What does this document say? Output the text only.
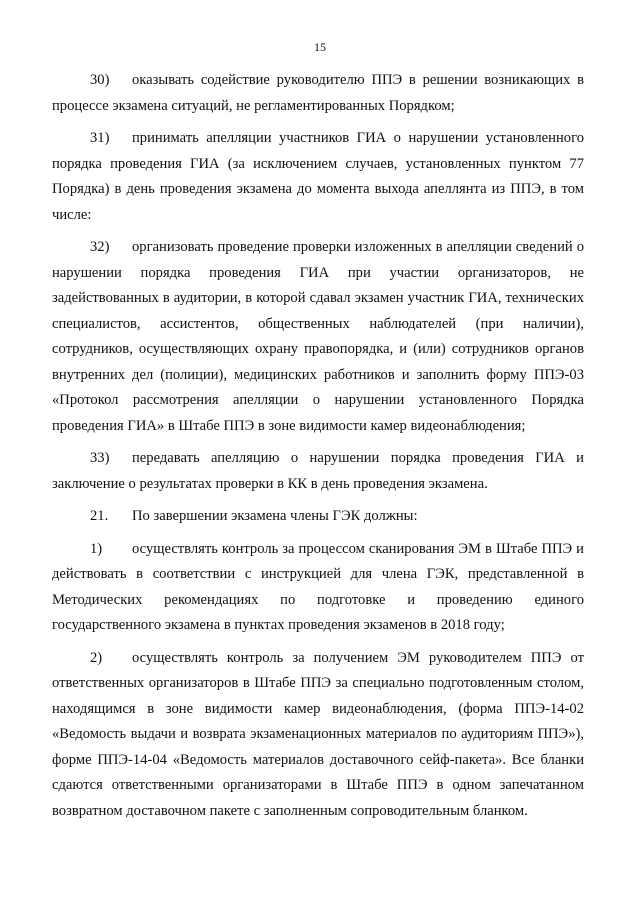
15

30) оказывать содействие руководителю ППЭ в решении возникающих в процессе экзамена ситуаций, не регламентированных Порядком;

31) принимать апелляции участников ГИА о нарушении установленного порядка проведения ГИА (за исключением случаев, установленных пунктом 77 Порядка) в день проведения экзамена до момента выхода апеллянта из ППЭ, в том числе:

32) организовать проведение проверки изложенных в апелляции сведений о нарушении порядка проведения ГИА при участии организаторов, не задействованных в аудитории, в которой сдавал экзамен участник ГИА, технических специалистов, ассистентов, общественных наблюдателей (при наличии), сотрудников, осуществляющих охрану правопорядка, и (или) сотрудников органов внутренних дел (полиции), медицинских работников и заполнить форму ППЭ-03 «Протокол рассмотрения апелляции о нарушении установленного Порядка проведения ГИА» в Штабе ППЭ в зоне видимости камер видеонаблюдения;

33) передавать апелляцию о нарушении порядка проведения ГИА и заключение о результатах проверки в КК в день проведения экзамена.

21. По завершении экзамена члены ГЭК должны:

1) осуществлять контроль за процессом сканирования ЭМ в Штабе ППЭ и действовать в соответствии с инструкцией для члена ГЭК, представленной в Методических рекомендациях по подготовке и проведению единого государственного экзамена в пунктах проведения экзаменов в 2018 году;

2) осуществлять контроль за получением ЭМ руководителем ППЭ от ответственных организаторов в Штабе ППЭ за специально подготовленным столом, находящимся в зоне видимости камер видеонаблюдения, (форма ППЭ-14-02 «Ведомость выдачи и возврата экзаменационных материалов по аудиториям ППЭ»), форме ППЭ-14-04 «Ведомость материалов доставочного сейф-пакета». Все бланки сдаются ответственными организаторами в Штабе ППЭ в одном запечатанном возвратном доставочном пакете с заполненным сопроводительным бланком.
